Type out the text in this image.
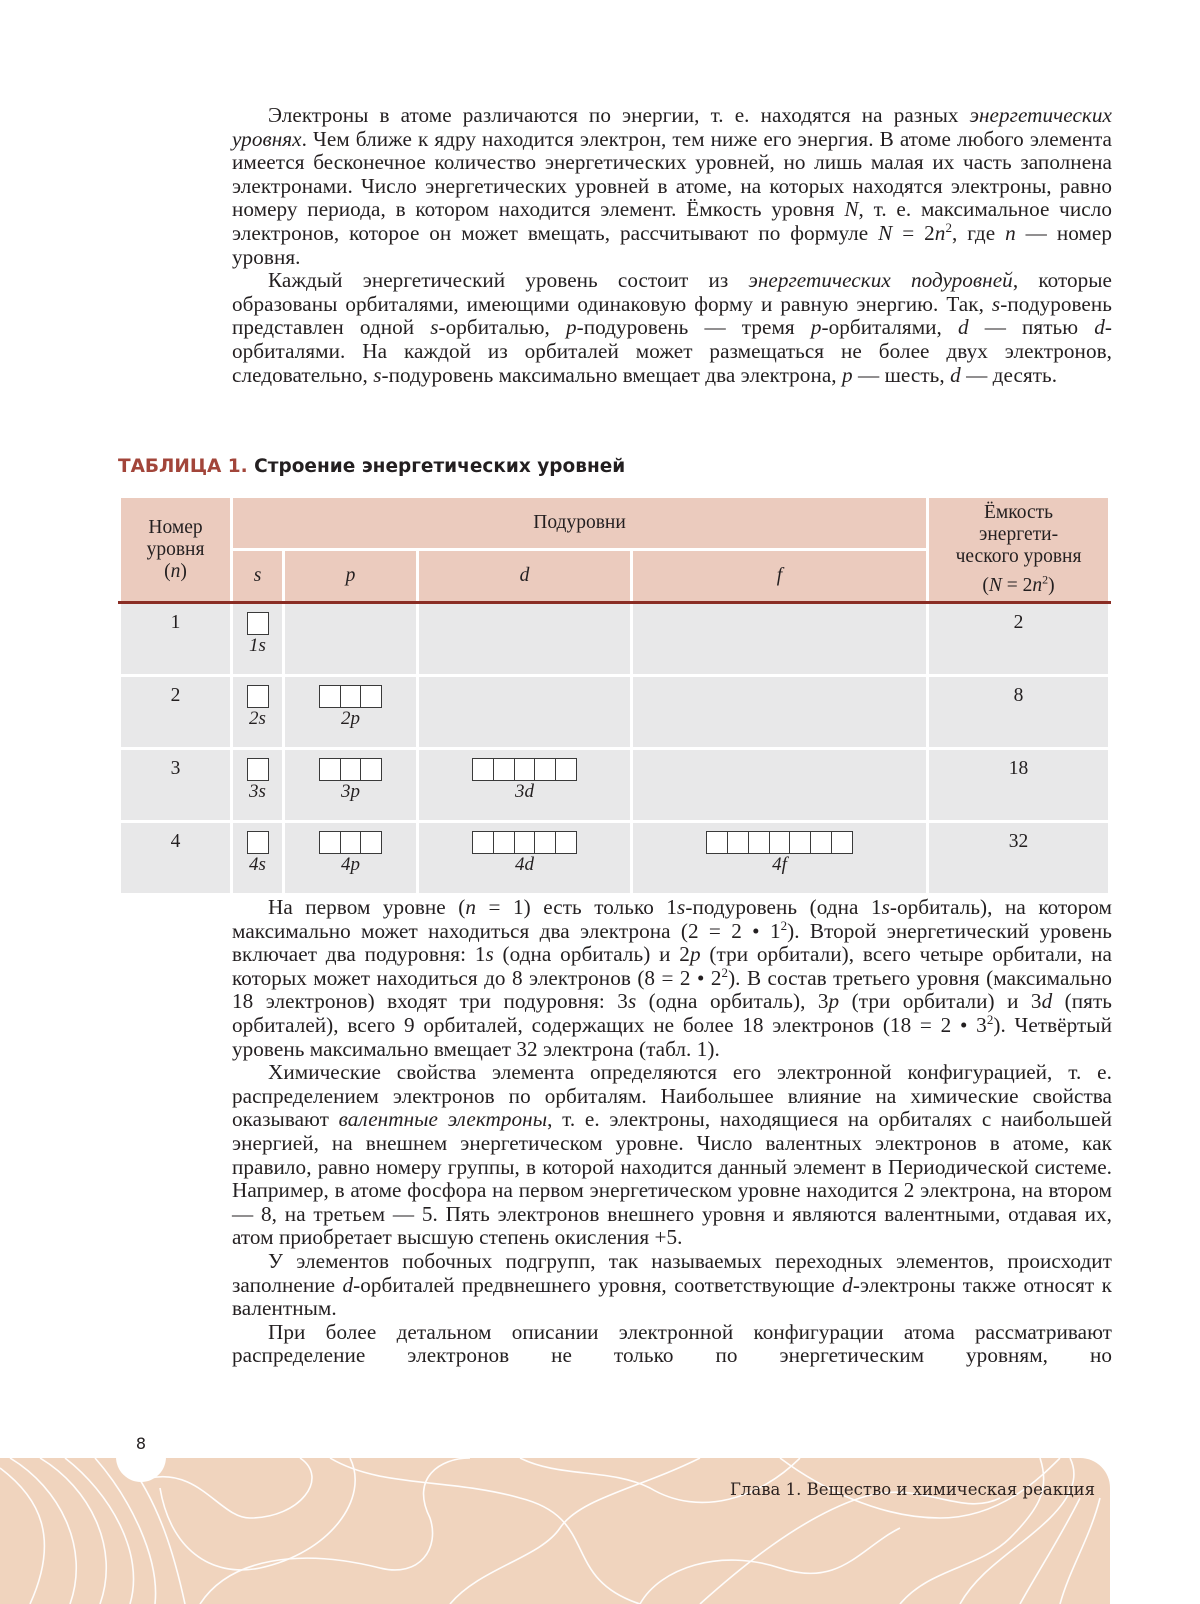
Электроны в атоме различаются по энергии, т. е. находятся на разных энергетических уровнях. Чем ближе к ядру находится электрон, тем ниже его энергия. В атоме любого элемента имеется бесконечное количество энергетических уровней, но лишь малая их часть заполнена электронами. Число энергетических уровней в атоме, на которых находятся электроны, равно номеру периода, в котором находится элемент. Ёмкость уровня N, т. е. максимальное число электронов, которое он может вмещать, рассчитывают по формуле $N = 2n^2$, где n — номер уровня.

Каждый энергетический уровень состоит из энергетических подуровней, которые образованы орбиталями, имеющими одинаковую форму и равную энергию. Так, s-подуровень представлен одной s-орбиталью, p-подуровень — тремя p-орбиталями, d — пятью d-орбиталями. На каждой из орбиталей может размещаться не более двух электронов, следовательно, s-подуровень максимально вмещает два электрона, p — шесть, d — десять.

ТАБЛИЦА 1. Строение энергетических уровней
Номер
уровня
(n)	Подуровни				Ёмкость
энергети-
ческого уровня
$(N = 2n^2)$
	s	p	d	f	
1	1s				2
2	2s	2p			8
3	3s	3p	3d		18
4	4s	4p	4d	4f	32

На первом уровне (n = 1) есть только 1s-подуровень (одна 1s-орбиталь), на котором максимально может находиться два электрона (2 = 2 • $1^2$). Второй энергетический уровень включает два подуровня: 1s (одна орбиталь) и 2p (три орбитали), всего четыре орбитали, на которых может находиться до 8 электронов (8 = 2 • $2^2$). В состав третьего уровня (максимально 18 электронов) входят три подуровня: 3s (одна орбиталь), 3p (три орбитали) и 3d (пять орбиталей), всего 9 орбиталей, содержащих не более 18 электронов (18 = 2 • $3^2$). Четвёртый уровень максимально вмещает 32 электрона (табл. 1).

Химические свойства элемента определяются его электронной конфигурацией, т. е. распределением электронов по орбиталям. Наибольшее влияние на химические свойства оказывают валентные электроны, т. е. электроны, находящиеся на орбиталях с наибольшей энергией, на внешнем энергетическом уровне. Число валентных электронов в атоме, как правило, равно номеру группы, в которой находится данный элемент в Периодической системе. Например, в атоме фосфора на первом энергетическом уровне находится 2 электрона, на втором — 8, на третьем — 5. Пять электронов внешнего уровня и являются валентными, отдавая их, атом приобретает высшую степень окисления +5.

У элементов побочных подгрупп, так называемых переходных элементов, происходит заполнение d-орбиталей предвнешнего уровня, соответствующие d-электроны также относят к валентным.

При более детальном описании электронной конфигурации атома рассматривают распределение электронов не только по энергетическим уровням, но

8
Глава 1. Вещество и химическая реакция
